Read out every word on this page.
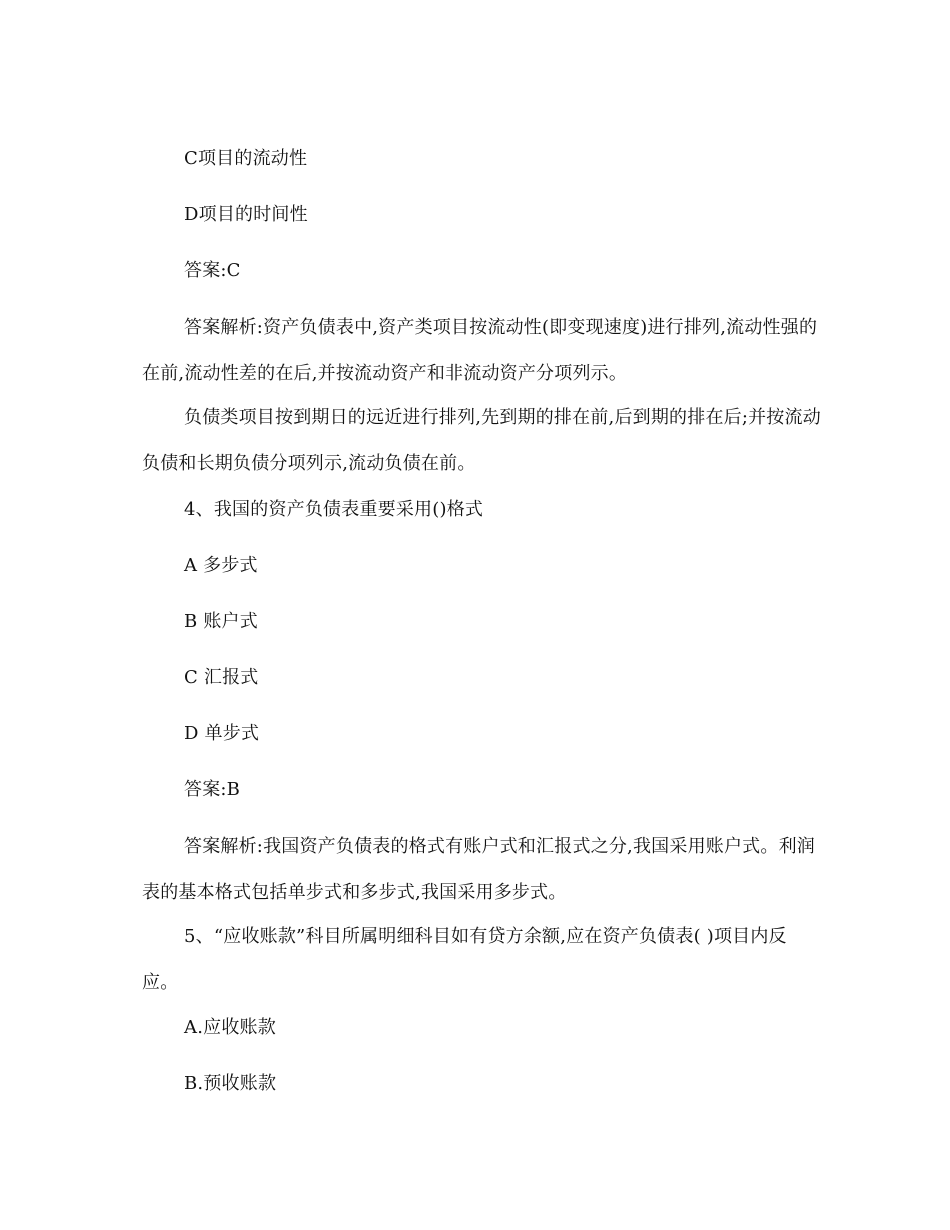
C项目的流动性
D项目的时间性
答案:C
答案解析:资产负债表中,资产类项目按流动性(即变现速度)进行排列,流动性强的在前,流动性差的在后,并按流动资产和非流动资产分项列示。
负债类项目按到期日的远近进行排列,先到期的排在前,后到期的排在后;并按流动负债和长期负债分项列示,流动负债在前。
4、我国的资产负债表重要采用()格式
A 多步式
B 账户式
C 汇报式
D 单步式
答案:B
答案解析:我国资产负债表的格式有账户式和汇报式之分,我国采用账户式。利润表的基本格式包括单步式和多步式,我国采用多步式。
5、“应收账款”科目所属明细科目如有贷方余额,应在资产负债表( )项目内反应。
A.应收账款
B.预收账款
